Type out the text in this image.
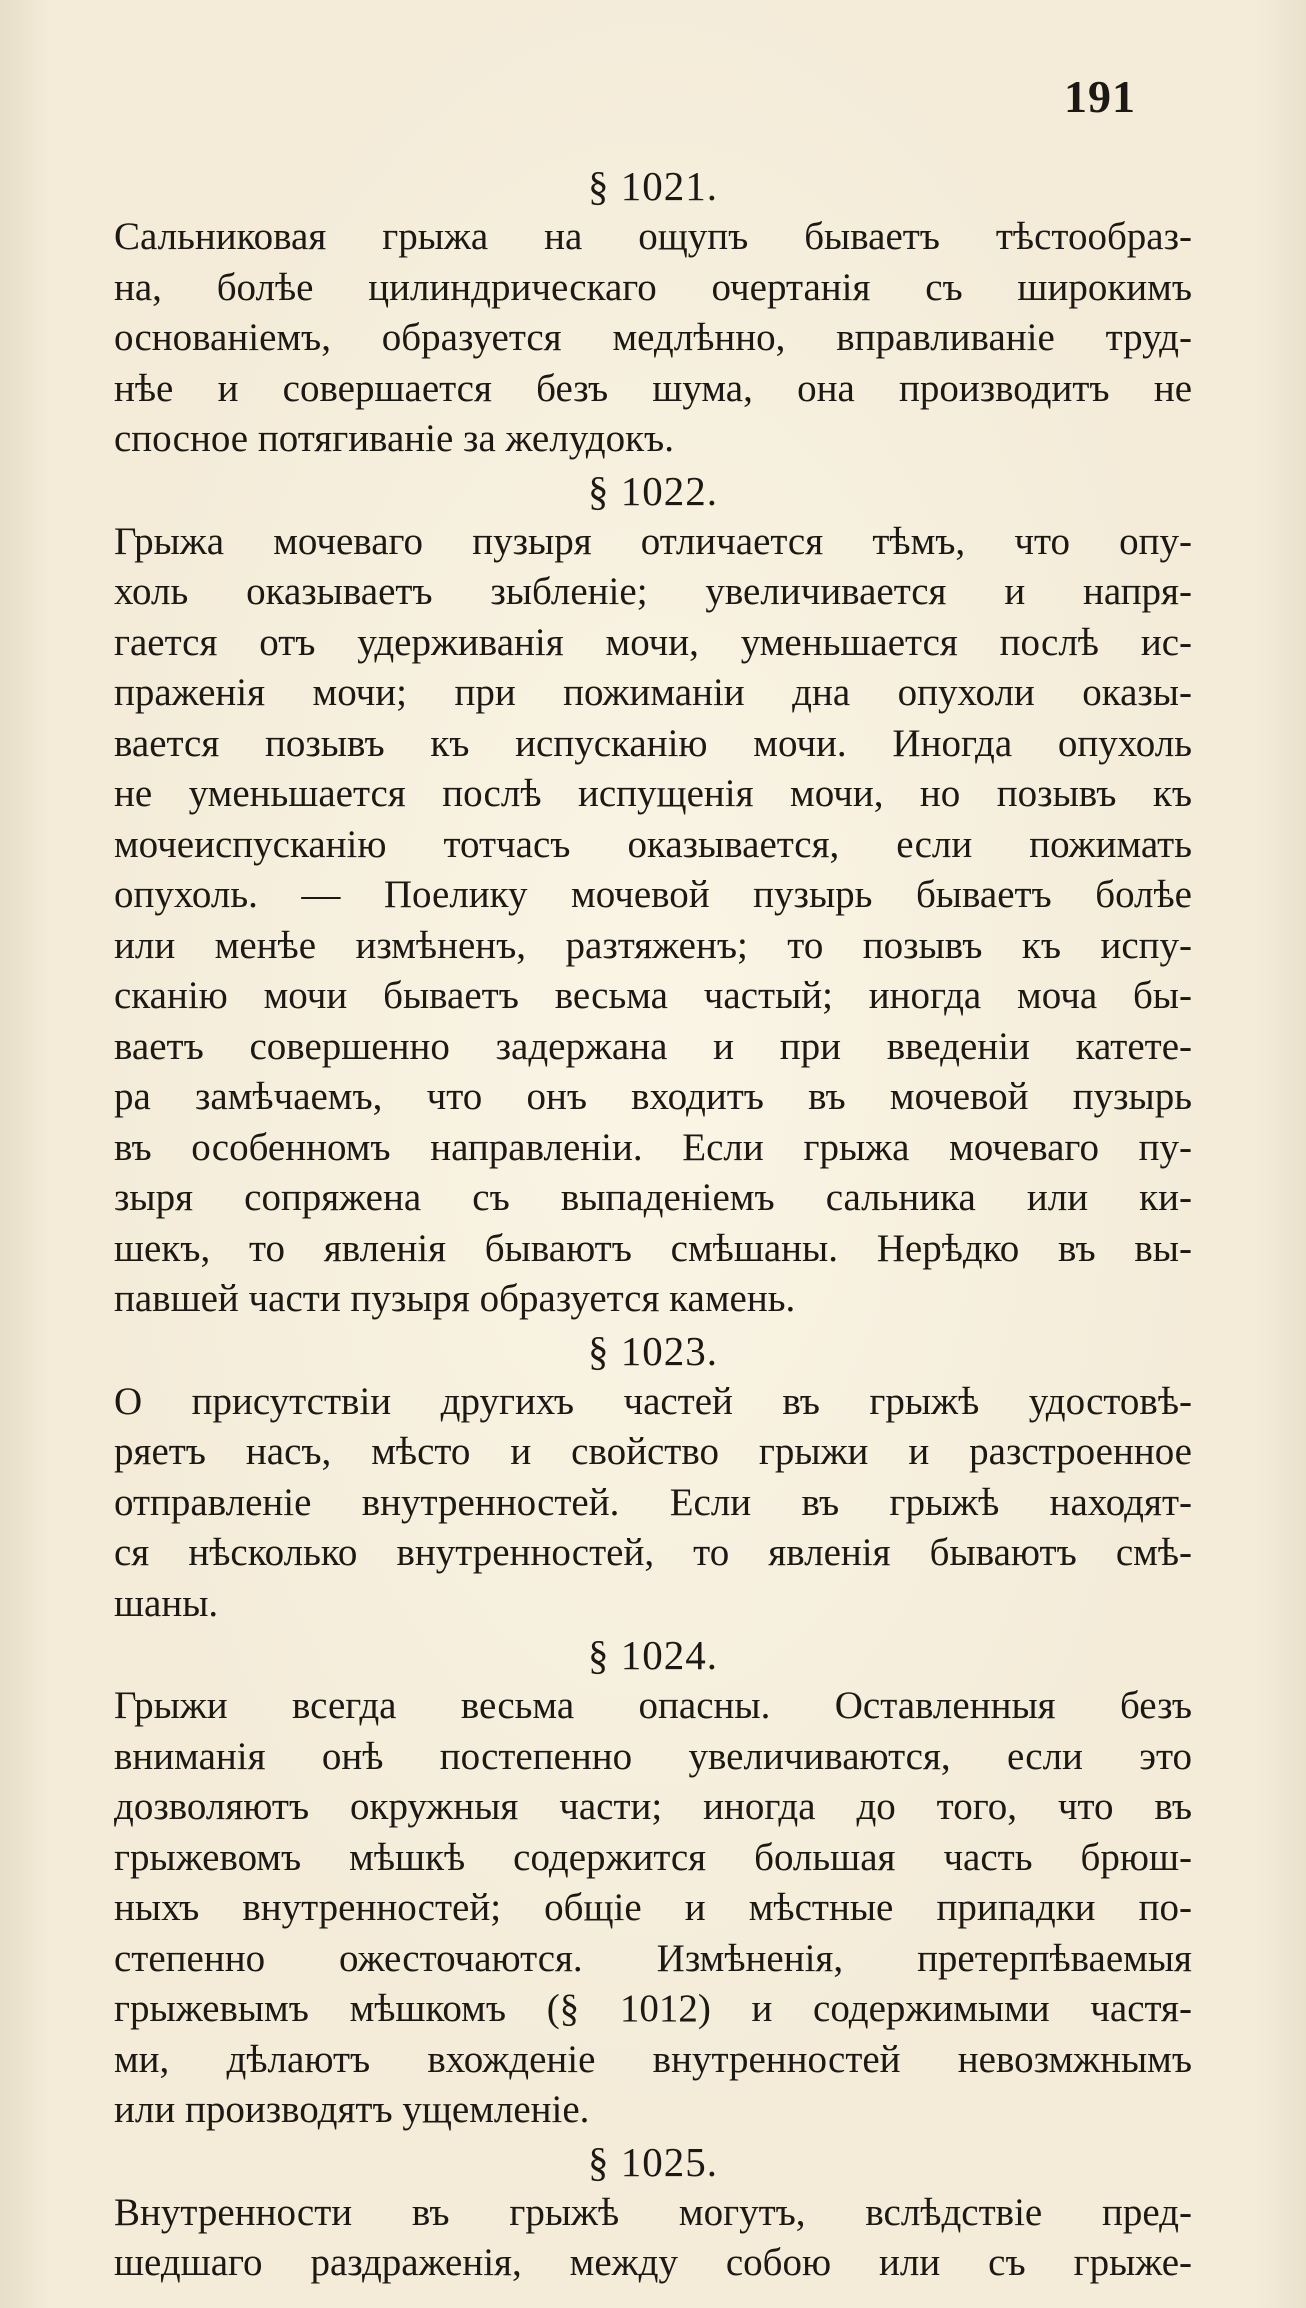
191
§ 1021.
Сальниковая грыжа на ощупъ бываетъ тѣстообраз-
на, болѣе цилиндрическаго очертанія съ широкимъ
основаніемъ, образуется медлѣнно, вправливаніе труд-
нѣе и совершается безъ шума, она производитъ не
спосное потягиваніе за желудокъ.
§ 1022.
Грыжа мочеваго пузыря отличается тѣмъ, что опу-
холь оказываетъ зыбленіе; увеличивается и напря-
гается отъ удерживанія мочи, уменьшается послѣ ис-
праженія мочи; при пожиманіи дна опухоли оказы-
вается позывъ къ испусканію мочи. Иногда опухоль
не уменьшается послѣ испущенія мочи, но позывъ къ
мочеиспусканію тотчасъ оказывается, если пожимать
опухоль. — Поелику мочевой пузырь бываетъ болѣе
или менѣе измѣненъ, разтяженъ; то позывъ къ испу-
сканію мочи бываетъ весьма частый; иногда моча бы-
ваетъ совершенно задержана и при введеніи катете-
ра замѣчаемъ, что онъ входитъ въ мочевой пузырь
въ особенномъ направленіи. Если грыжа мочеваго пу-
зыря сопряжена съ выпаденіемъ сальника или ки-
шекъ, то явленія бываютъ смѣшаны. Нерѣдко въ вы-
павшей части пузыря образуется камень.
§ 1023.
О присутствіи другихъ частей въ грыжѣ удостовѣ-
ряетъ насъ, мѣсто и свойство грыжи и разстроенное
отправленіе внутренностей. Если въ грыжѣ находят-
ся нѣсколько внутренностей, то явленія бываютъ смѣ-
шаны.
§ 1024.
Грыжи всегда весьма опасны. Оставленныя безъ
вниманія онѣ постепенно увеличиваются, если это
дозволяютъ окружныя части; иногда до того, что въ
грыжевомъ мѣшкѣ содержится большая часть брюш-
ныхъ внутренностей; общіе и мѣстные припадки по-
степенно ожесточаются. Измѣненія, претерпѣваемыя
грыжевымъ мѣшкомъ (§ 1012) и содержимыми частя-
ми, дѣлаютъ вхожденіе внутренностей невозмжнымъ
или производятъ ущемленіе.
§ 1025.
Внутренности въ грыжѣ могутъ, вслѣдствіе пред-
шедшаго раздраженія, между собою или съ грыже-
